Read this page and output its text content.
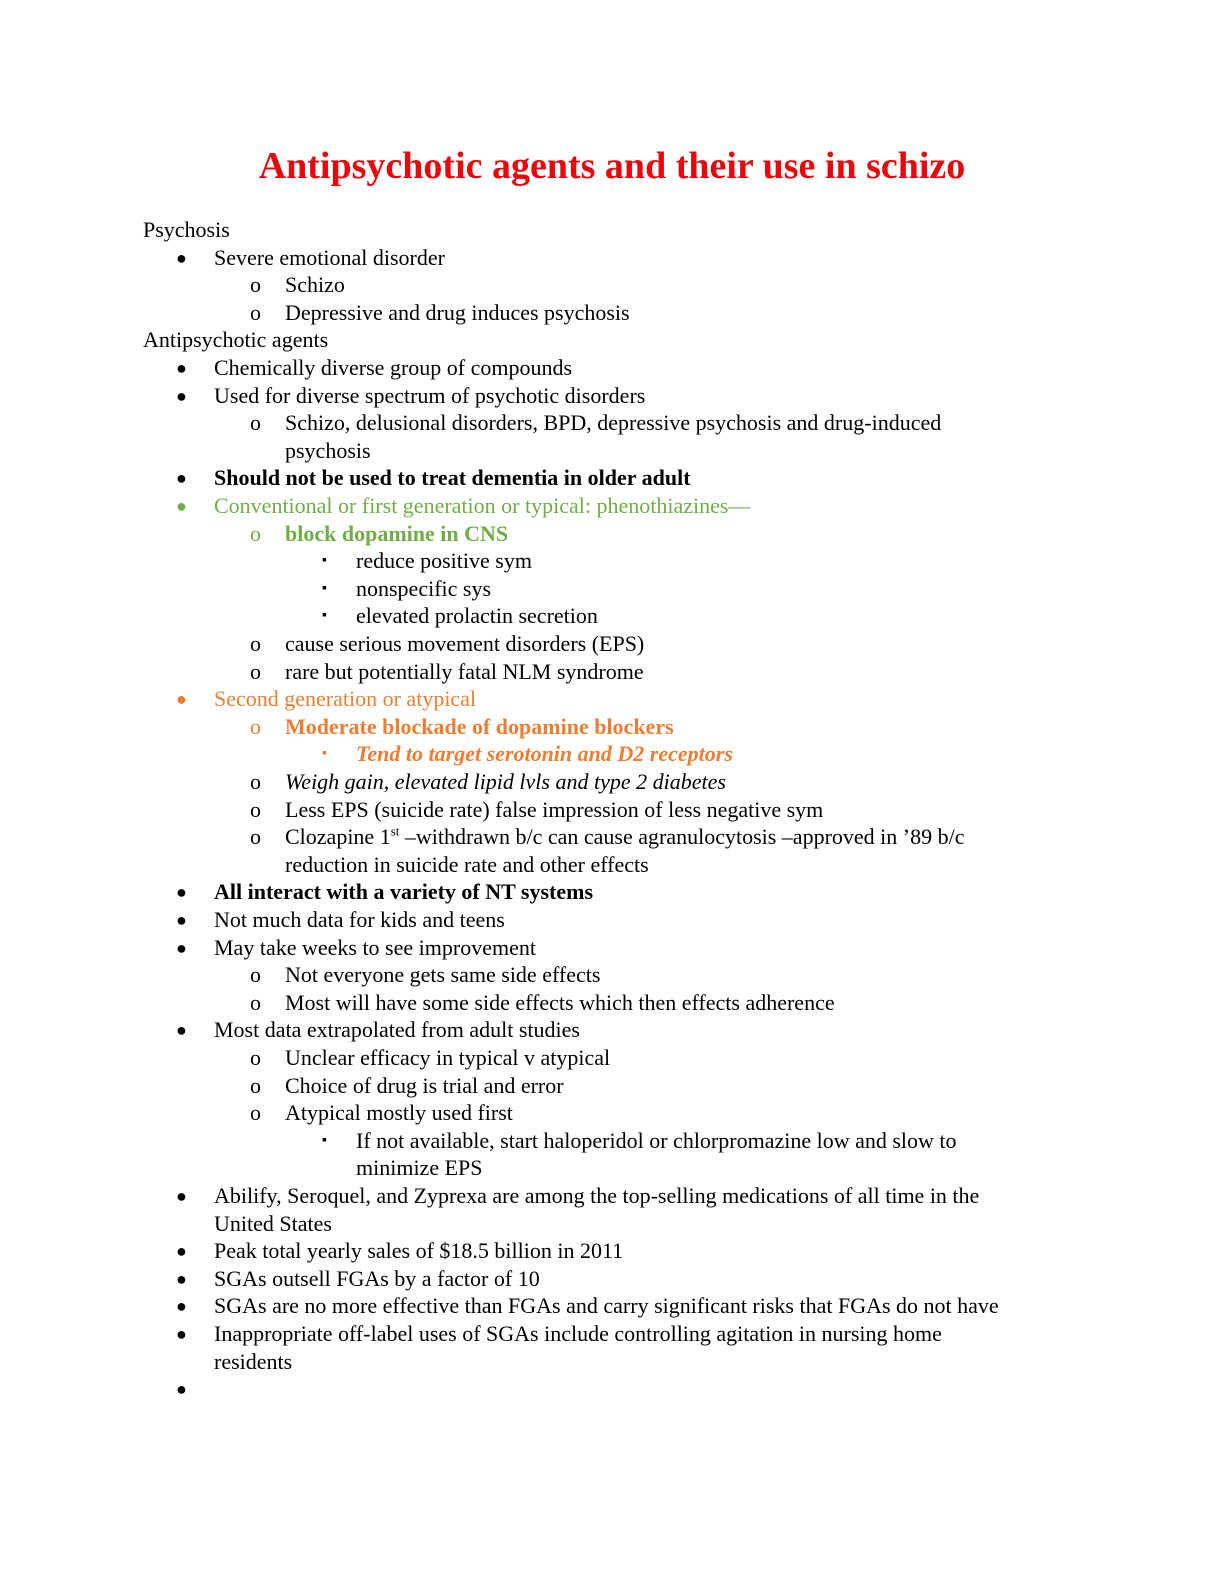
Antipsychotic agents and their use in schizo
Psychosis
● Severe emotional disorder
o Schizo
o Depressive and drug induces psychosis
Antipsychotic agents
● Chemically diverse group of compounds
● Used for diverse spectrum of psychotic disorders
o Schizo, delusional disorders, BPD, depressive psychosis and drug-induced
psychosis
● Should not be used to treat dementia in older adult
● Conventional or first generation or typical: phenothiazines—
o block dopamine in CNS
▪ reduce positive sym
▪ nonspecific sys
▪ elevated prolactin secretion
o cause serious movement disorders (EPS)
o rare but potentially fatal NLM syndrome
● Second generation or atypical
o Moderate blockade of dopamine blockers
▪ Tend to target serotonin and D2 receptors
o Weigh gain, elevated lipid lvls and type 2 diabetes
o Less EPS (suicide rate) false impression of less negative sym
o Clozapine 1st –withdrawn b/c can cause agranulocytosis –approved in ’89 b/c
reduction in suicide rate and other effects
● All interact with a variety of NT systems
● Not much data for kids and teens
● May take weeks to see improvement
o Not everyone gets same side effects
o Most will have some side effects which then effects adherence
● Most data extrapolated from adult studies
o Unclear efficacy in typical v atypical
o Choice of drug is trial and error
o Atypical mostly used first
▪ If not available, start haloperidol or chlorpromazine low and slow to
minimize EPS
● Abilify, Seroquel, and Zyprexa are among the top-selling medications of all time in the
United States
● Peak total yearly sales of $18.5 billion in 2011
● SGAs outsell FGAs by a factor of 10
● SGAs are no more effective than FGAs and carry significant risks that FGAs do not have
● Inappropriate off-label uses of SGAs include controlling agitation in nursing home
residents
●
